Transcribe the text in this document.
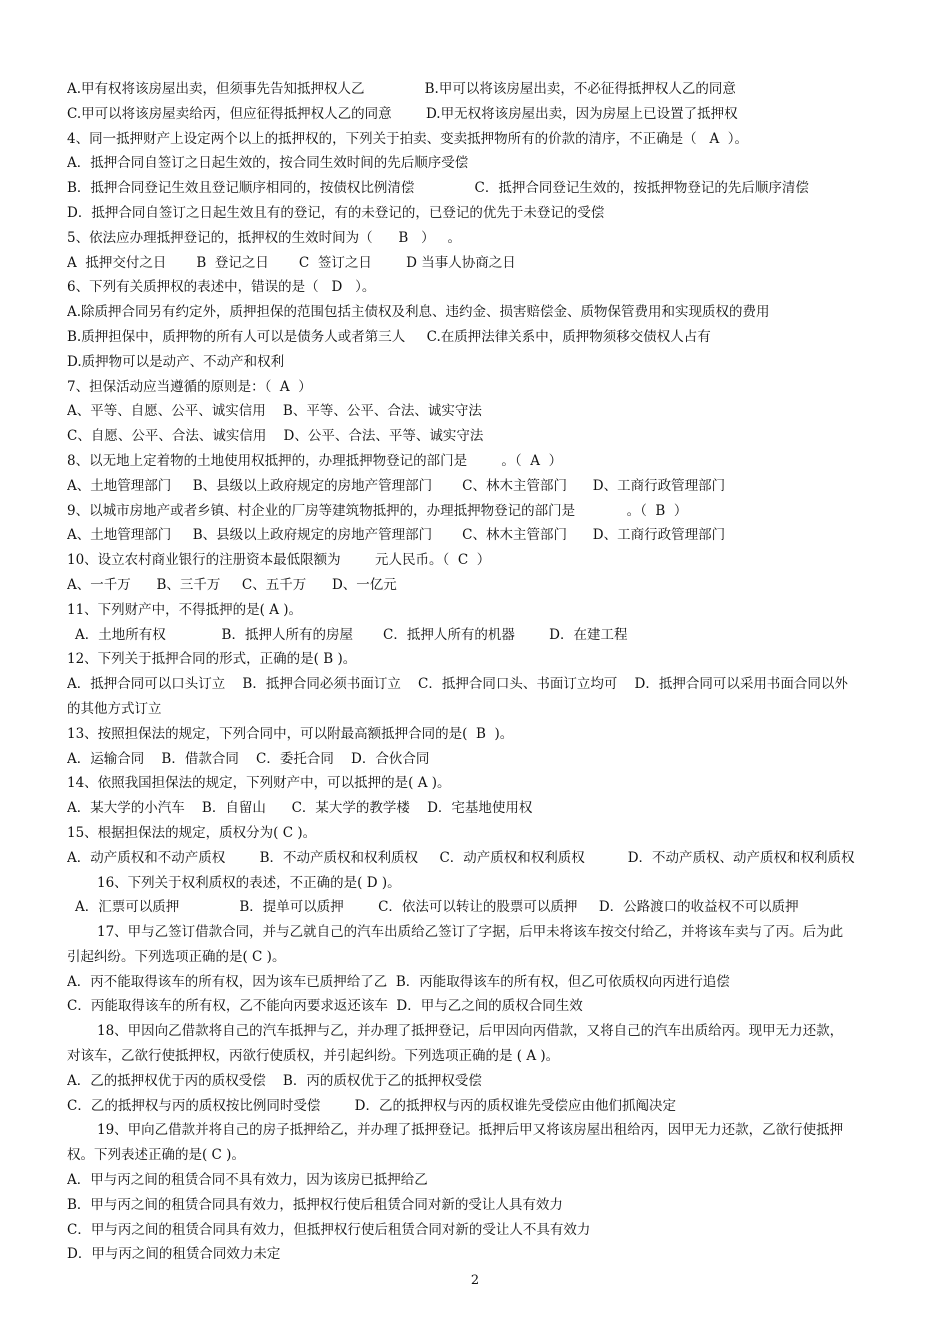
A.甲有权将该房屋出卖，但须事先告知抵押权人乙              B.甲可以将该房屋出卖，不必征得抵押权人乙的同意
C.甲可以将该房屋卖给丙，但应征得抵押权人乙的同意        D.甲无权将该房屋出卖，因为房屋上已设置了抵押权
4、同一抵押财产上设定两个以上的抵押权的，下列关于拍卖、变卖抵押物所有的价款的清序，不正确是（   A  ）。
A．抵押合同自签订之日起生效的，按合同生效时间的先后顺序受偿
B．抵押合同登记生效且登记顺序相同的，按债权比例清偿              C．抵押合同登记生效的，按抵押物登记的先后顺序清偿
D．抵押合同自签订之日起生效且有的登记，有的未登记的，已登记的优先于未登记的受偿
5、依法应办理抵押登记的，抵押权的生效时间为（      B   ）   。
A  抵押交付之日       B  登记之日       C  签订之日        D 当事人协商之日
6、下列有关质押权的表述中，错误的是（   D   ）。
A.除质押合同另有约定外，质押担保的范围包括主债权及利息、违约金、损害赔偿金、质物保管费用和实现质权的费用
B.质押担保中，质押物的所有人可以是债务人或者第三人     C.在质押法律关系中，质押物须移交债权人占有
D.质押物可以是动产、不动产和权利
7、担保活动应当遵循的原则是：（  A  ）
A、平等、自愿、公平、诚实信用    B、平等、公平、合法、诚实守法
C、自愿、公平、合法、诚实信用    D、公平、合法、平等、诚实守法
8、以无地上定着物的土地使用权抵押的，办理抵押物登记的部门是        。（  A  ）
A、土地管理部门     B、县级以上政府规定的房地产管理部门       C、林木主管部门      D、工商行政管理部门
9、以城市房地产或者乡镇、村企业的厂房等建筑物抵押的，办理抵押物登记的部门是            。（  B  ）
A、土地管理部门     B、县级以上政府规定的房地产管理部门       C、林木主管部门      D、工商行政管理部门
10、设立农村商业银行的注册资本最低限额为        元人民币。（  C  ）
A、一千万      B、三千万     C、五千万      D、一亿元
11、下列财产中，不得抵押的是( A )。
A．土地所有权             B．抵押人所有的房屋       C．抵押人所有的机器        D．在建工程
12、下列关于抵押合同的形式，正确的是( B )。
A．抵押合同可以口头订立    B．抵押合同必须书面订立    C．抵押合同口头、书面订立均可    D．抵押合同可以采用书面合同以外
的其他方式订立
13、按照担保法的规定，下列合同中，可以附最高额抵押合同的是(  B  )。
A．运输合同    B．借款合同    C．委托合同    D．合伙合同
14、依照我国担保法的规定，下列财产中，可以抵押的是( A )。
A．某大学的小汽车    B．自留山      C．某大学的教学楼    D．宅基地使用权
15、根据担保法的规定，质权分为( C )。
A．动产质权和不动产质权        B．不动产质权和权利质权     C．动产质权和权利质权          D．不动产质权、动产质权和权利质权
16、下列关于权利质权的表述，不正确的是( D )。
A．汇票可以质押              B．提单可以质押        C．依法可以转让的股票可以质押     D．公路渡口的收益权不可以质押
17、甲与乙签订借款合同，并与乙就自己的汽车出质给乙签订了字据，后甲未将该车按交付给乙，并将该车卖与了丙。后为此
引起纠纷。下列选项正确的是( C )。
A．丙不能取得该车的所有权，因为该车已质押给了乙  B．丙能取得该车的所有权，但乙可依质权向丙进行追偿
C．丙能取得该车的所有权，乙不能向丙要求返还该车  D．甲与乙之间的质权合同生效
18、甲因向乙借款将自己的汽车抵押与乙，并办理了抵押登记，后甲因向丙借款，又将自己的汽车出质给丙。现甲无力还款，
对该车，乙欲行使抵押权，丙欲行使质权，并引起纠纷。下列选项正确的是 ( A )。
A．乙的抵押权优于丙的质权受偿    B．丙的质权优于乙的抵押权受偿
C．乙的抵押权与丙的质权按比例同时受偿        D．乙的抵押权与丙的质权谁先受偿应由他们抓阄决定
19、甲向乙借款并将自己的房子抵押给乙，并办理了抵押登记。抵押后甲又将该房屋出租给丙，因甲无力还款，乙欲行使抵押
权。下列表述正确的是( C )。
A．甲与丙之间的租赁合同不具有效力，因为该房已抵押给乙
B．甲与丙之间的租赁合同具有效力，抵押权行使后租赁合同对新的受让人具有效力
C．甲与丙之间的租赁合同具有效力，但抵押权行使后租赁合同对新的受让人不具有效力
D．甲与丙之间的租赁合同效力未定
2
